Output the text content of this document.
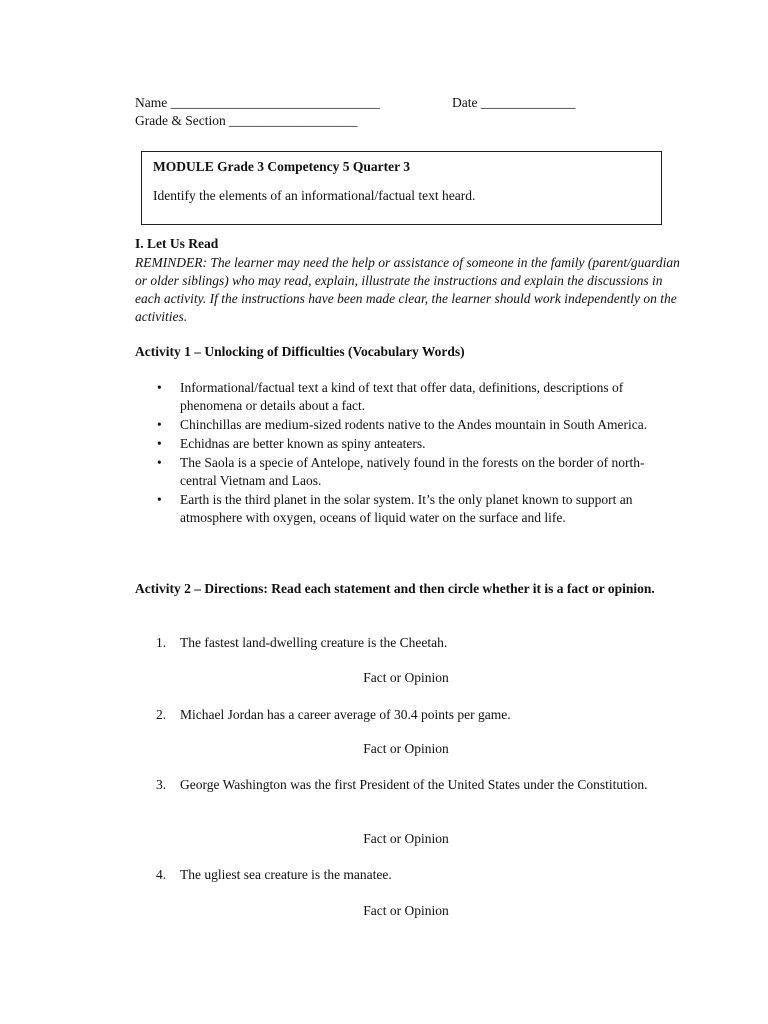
Name _______________________________	Date ______________
Grade & Section ___________________
MODULE Grade 3 Competency 5 Quarter 3
Identify the elements of an informational/factual text heard.
I. Let Us Read
REMINDER: The learner may need the help or assistance of someone in the family (parent/guardian or older siblings) who may read, explain, illustrate the instructions and explain the discussions in each activity. If the instructions have been made clear, the learner should work independently on the activities.
Activity 1 – Unlocking of Difficulties (Vocabulary Words)
• Informational/factual text a kind of text that offer data, definitions, descriptions of phenomena or details about a fact.
• Chinchillas are medium-sized rodents native to the Andes mountain in South America.
• Echidnas are better known as spiny anteaters.
• The Saola is a specie of Antelope, natively found in the forests on the border of north-central Vietnam and Laos.
• Earth is the third planet in the solar system. It’s the only planet known to support an atmosphere with oxygen, oceans of liquid water on the surface and life.
Activity 2 – Directions: Read each statement and then circle whether it is a fact or opinion.
1.	The fastest land-dwelling creature is the Cheetah.
Fact or Opinion
2.	Michael Jordan has a career average of 30.4 points per game.
Fact or Opinion
3.	George Washington was the first President of the United States under the Constitution.
Fact or Opinion
4.	The ugliest sea creature is the manatee.
Fact or Opinion
